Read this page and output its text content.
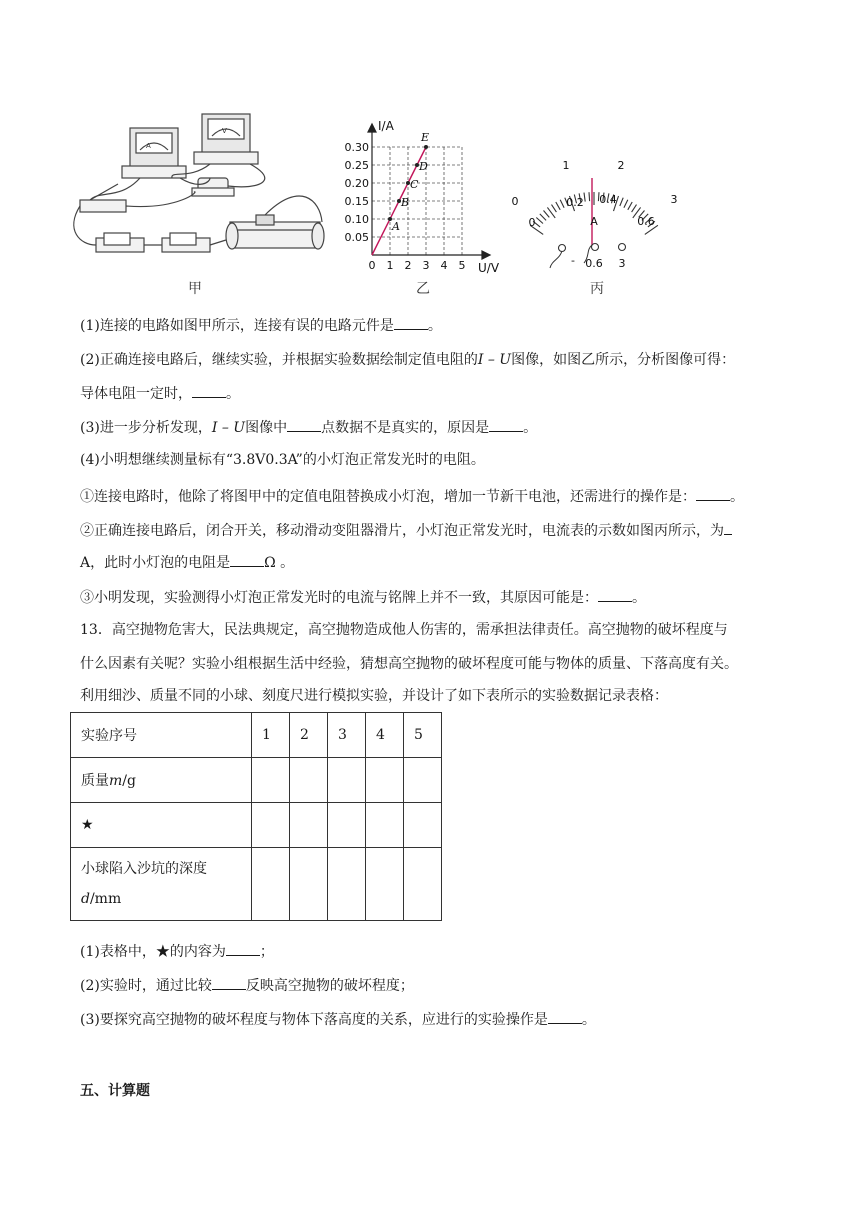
A
V
甲
A
B
C
D
E
0.05
0.10
0.15
0.20
0.25
0.30
0 1 2 3 4 5
I/A
U/V
乙
0
1	2
3
0
0.2 0.4
0.6
A
- 0.6 3
丙
(1)连接的电路如图甲所示，连接有误的电路元件是 。
(2)正确连接电路后，继续实验，并根据实验数据绘制定值电阻的I – U图像，如图乙所示，分析图像可得：
导体电阻一定时， 。
(3)进一步分析发现，I – U图像中 点数据不是真实的，原因是 。
(4)小明想继续测量标有“3.8V0.3A”的小灯泡正常发光时的电阻。
①连接电路时，他除了将图甲中的定值电阻替换成小灯泡，增加一节新干电池，还需进行的操作是： 。
②正确连接电路后，闭合开关，移动滑动变阻器滑片，小灯泡正常发光时，电流表的示数如图丙所示，为
A，此时小灯泡的电阻是 Ω 。
③小明发现，实验测得小灯泡正常发光时的电流与铭牌上并不一致，其原因可能是： 。
13．高空抛物危害大，民法典规定，高空抛物造成他人伤害的，需承担法律责任。高空抛物的破坏程度与
什么因素有关呢？实验小组根据生活中经验，猜想高空抛物的破坏程度可能与物体的质量、下落高度有关。
利用细沙、质量不同的小球、刻度尺进行模拟实验，并设计了如下表所示的实验数据记录表格：
实验序号	1	2	3	4	5
质量m/g					
★					
小球陷入沙坑的深度
d/mm					
(1)表格中，★的内容为 ；
(2)实验时，通过比较 反映高空抛物的破坏程度；
(3)要探究高空抛物的破坏程度与物体下落高度的关系，应进行的实验操作是 。
五、计算题
